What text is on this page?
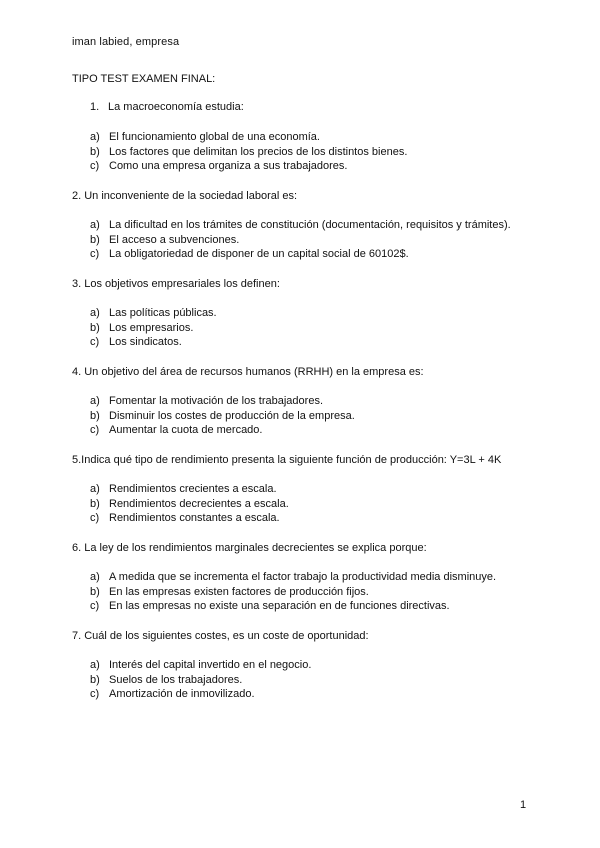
iman labied, empresa
TIPO TEST EXAMEN FINAL:
1. La macroeconomía estudia:
a) El funcionamiento global de una economía.
b) Los factores que delimitan los precios de los distintos bienes.
c) Como una empresa organiza a sus trabajadores.
2. Un inconveniente de la sociedad laboral es:
a) La dificultad en los trámites de constitución (documentación, requisitos y trámites).
b) El acceso a subvenciones.
c) La obligatoriedad de disponer de un capital social de 60102$.
3. Los objetivos empresariales los definen:
a) Las políticas públicas.
b) Los empresarios.
c) Los sindicatos.
4. Un objetivo del área de recursos humanos (RRHH) en la empresa es:
a) Fomentar la motivación de los trabajadores.
b) Disminuir los costes de producción de la empresa.
c) Aumentar la cuota de mercado.
5.Indica qué tipo de rendimiento presenta la siguiente función de producción: Y=3L + 4K
a) Rendimientos crecientes a escala.
b) Rendimientos decrecientes a escala.
c) Rendimientos constantes a escala.
6. La ley de los rendimientos marginales decrecientes se explica porque:
a) A medida que se incrementa el factor trabajo la productividad media disminuye.
b) En las empresas existen factores de producción fijos.
c) En las empresas no existe una separación en de funciones directivas.
7. Cuál de los siguientes costes, es un coste de oportunidad:
a) Interés del capital invertido en el negocio.
b) Suelos de los trabajadores.
c) Amortización de inmovilizado.
1
